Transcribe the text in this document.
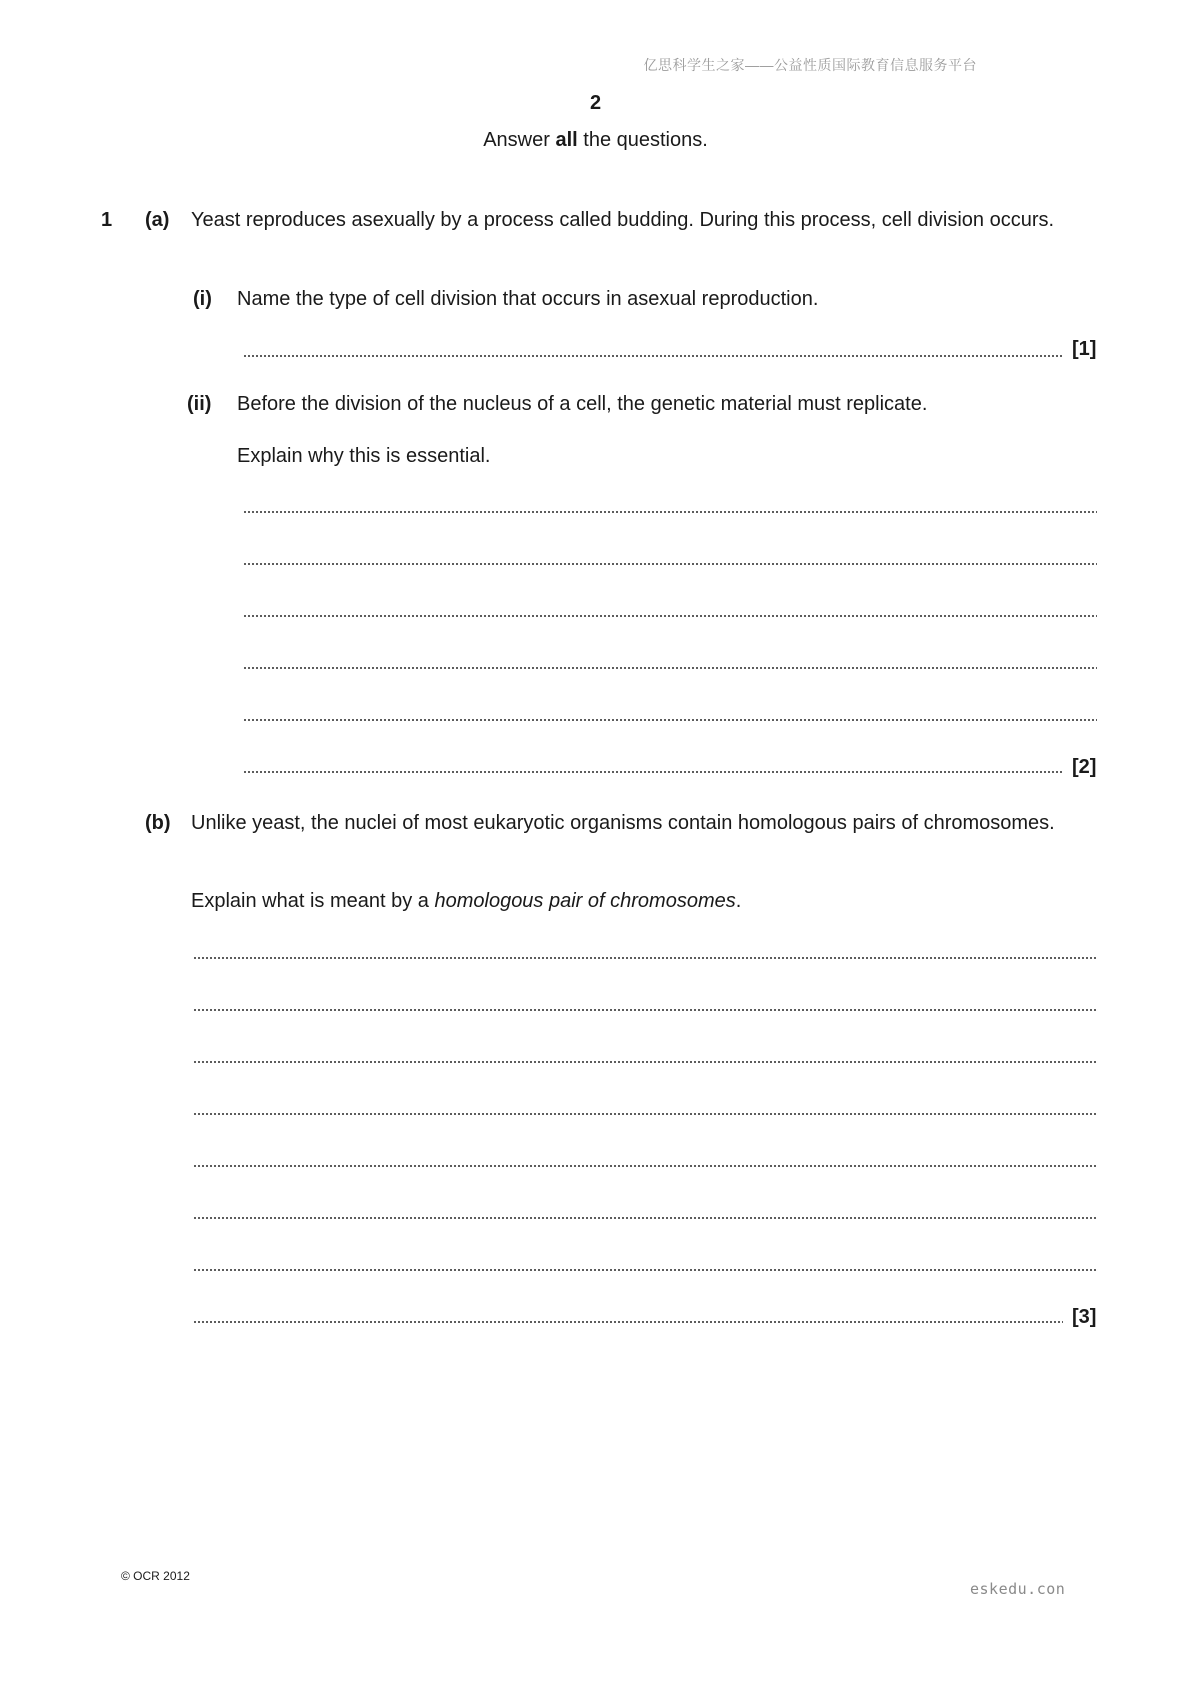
亿思科学生之家——公益性质国际教育信息服务平台
2
Answer all the questions.
1 (a) Yeast reproduces asexually by a process called budding. During this process, cell division occurs.
(i) Name the type of cell division that occurs in asexual reproduction.
[1]
(ii) Before the division of the nucleus of a cell, the genetic material must replicate.
Explain why this is essential.
[2]
(b) Unlike yeast, the nuclei of most eukaryotic organisms contain homologous pairs of chromosomes.
Explain what is meant by a homologous pair of chromosomes.
[3]
© OCR 2012
eskedu.con
